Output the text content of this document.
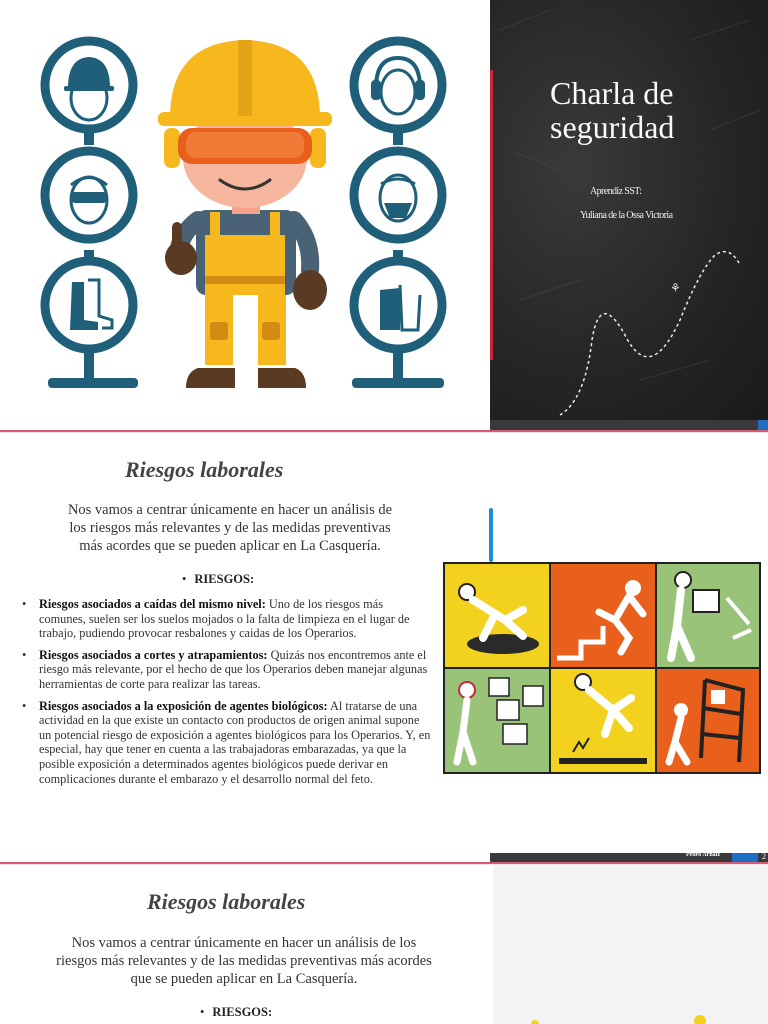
⚘
Charla de
seguridad
Aprendiz SST:
Yuliana de la Ossa Victoria
Riesgos laborales
Nos vamos a centrar únicamente en hacer un análisis de
los riesgos más relevantes y de las medidas preventivas
más acordes que se pueden aplicar en La Casquería.
• RIESGOS:
• Riesgos asociados a caídas del mismo nivel: Uno de los riesgos más comunes, suelen ser los suelos mojados o la falta de limpieza en el lugar de trabajo, pudiendo provocar resbalones y caidas de los Operarios.
• Riesgos asociados a cortes y atrapamientos: Quizás nos encontremos ante el riesgo más relevante, por el hecho de que los Operarios deben manejar algunas herramientas de corte para realizar las tareas.
• Riesgos asociados a la exposición de agentes biológicos: Al tratarse de una actividad en la que existe un contacto con productos de origen animal supone un potencial riesgo de exposición a agentes biológicos para los Operarios. Y, en especial, hay que tener en cuenta a las trabajadoras embarazadas, ya que la posible exposición a determinados agentes biológicos puede derivar en complicaciones durante el embarazo y el desarrollo normal del feto.
Pedro Arnaiz	2
Riesgos laborales
Nos vamos a centrar únicamente en hacer un análisis de los
riesgos más relevantes y de las medidas preventivas más acordes
que se pueden aplicar en La Casquería.
• RIESGOS:
